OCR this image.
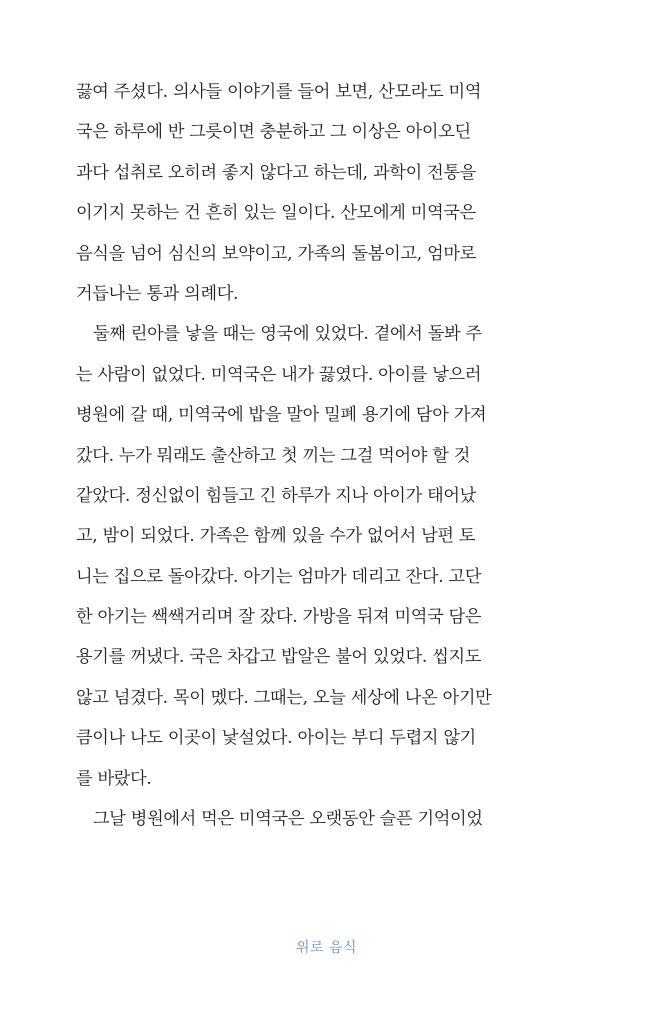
끓여 주셨다. 의사들 이야기를 들어 보면, 산모라도 미역
국은 하루에 반 그릇이면 충분하고 그 이상은 아이오딘
과다 섭취로 오히려 좋지 않다고 하는데, 과학이 전통을
이기지 못하는 건 흔히 있는 일이다. 산모에게 미역국은
음식을 넘어 심신의 보약이고, 가족의 돌봄이고, 엄마로
거듭나는 통과 의례다.
둘째 린아를 낳을 때는 영국에 있었다. 곁에서 돌봐 주
는 사람이 없었다. 미역국은 내가 끓였다. 아이를 낳으러
병원에 갈 때, 미역국에 밥을 말아 밀폐 용기에 담아 가져
갔다. 누가 뭐래도 출산하고 첫 끼는 그걸 먹어야 할 것
같았다. 정신없이 힘들고 긴 하루가 지나 아이가 태어났
고, 밤이 되었다. 가족은 함께 있을 수가 없어서 남편 토
니는 집으로 돌아갔다. 아기는 엄마가 데리고 잔다. 고단
한 아기는 쌕쌕거리며 잘 잤다. 가방을 뒤져 미역국 담은
용기를 꺼냈다. 국은 차갑고 밥알은 불어 있었다. 씹지도
않고 넘겼다. 목이 멨다. 그때는, 오늘 세상에 나온 아기만
큼이나 나도 이곳이 낯설었다. 아이는 부디 두렵지 않기
를 바랐다.
그날 병원에서 먹은 미역국은 오랫동안 슬픈 기억이었
위로 음식
